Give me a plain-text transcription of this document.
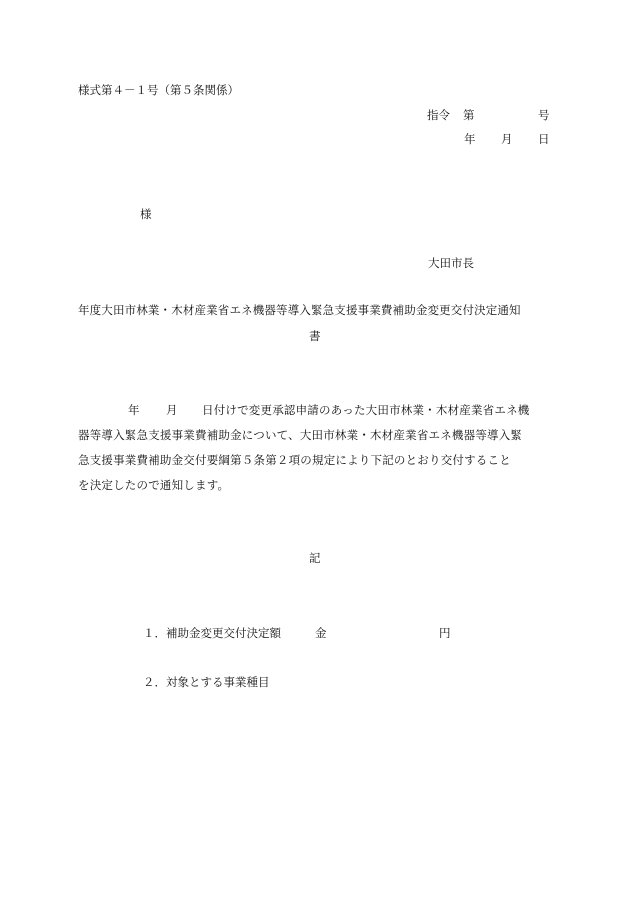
様式第４－１号（第５条関係）
指令 第	号
年 月 日
様
大田市長
年度大田市林業・木材産業省エネ機器等導入緊急支援事業費補助金変更交付決定通知
書
年 月 日付けで変更承認申請のあった大田市林業・木材産業省エネ機
器等導入緊急支援事業費補助金について、大田市林業・木材産業省エネ機器等導入緊
急支援事業費補助金交付要綱第５条第２項の規定により下記のとおり交付すること
を決定したので通知します。
記
１．補助金変更交付決定額	金	円
２．対象とする事業種目
